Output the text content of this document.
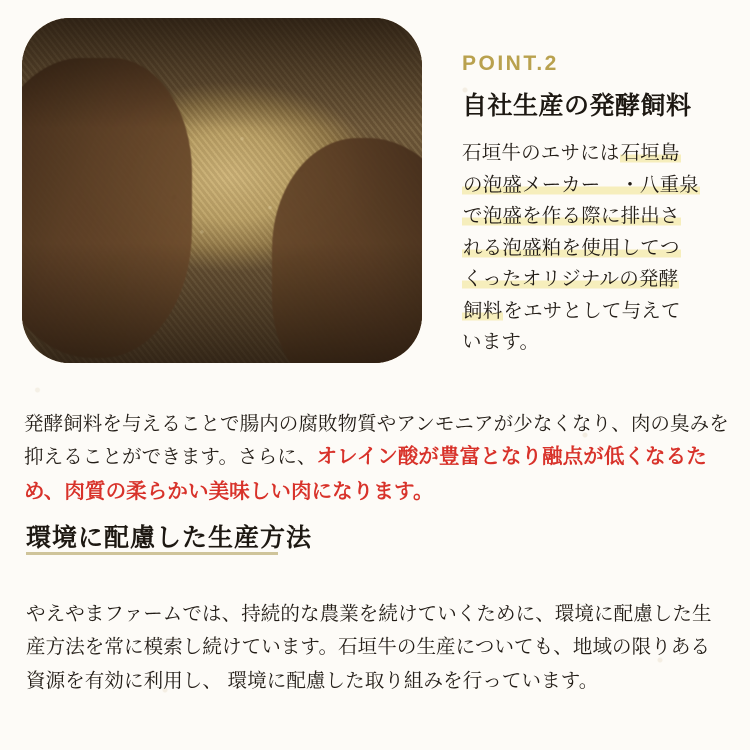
POINT.2

自社生産の発酵飼料

石垣牛のエサには石垣島
の泡盛メーカー　・八重泉
で泡盛を作る際に排出さ
れる泡盛粕を使用してつ
くったオリジナルの発酵
飼料をエサとして与えて
います。

発酵飼料を与えることで腸内の腐敗物質やアンモニアが少なくなり、肉の臭みを抑えることができます。さらに、オレイン酸が豊富となり融点が低くなるため、肉質の柔らかい美味しい肉になります。

環境に配慮した生産方法

やえやまファームでは、持続的な農業を続けていくために、環境に配慮した生産方法を常に模索し続けています。石垣牛の生産についても、地域の限りある資源を有効に利用し、 環境に配慮した取り組みを行っています。
